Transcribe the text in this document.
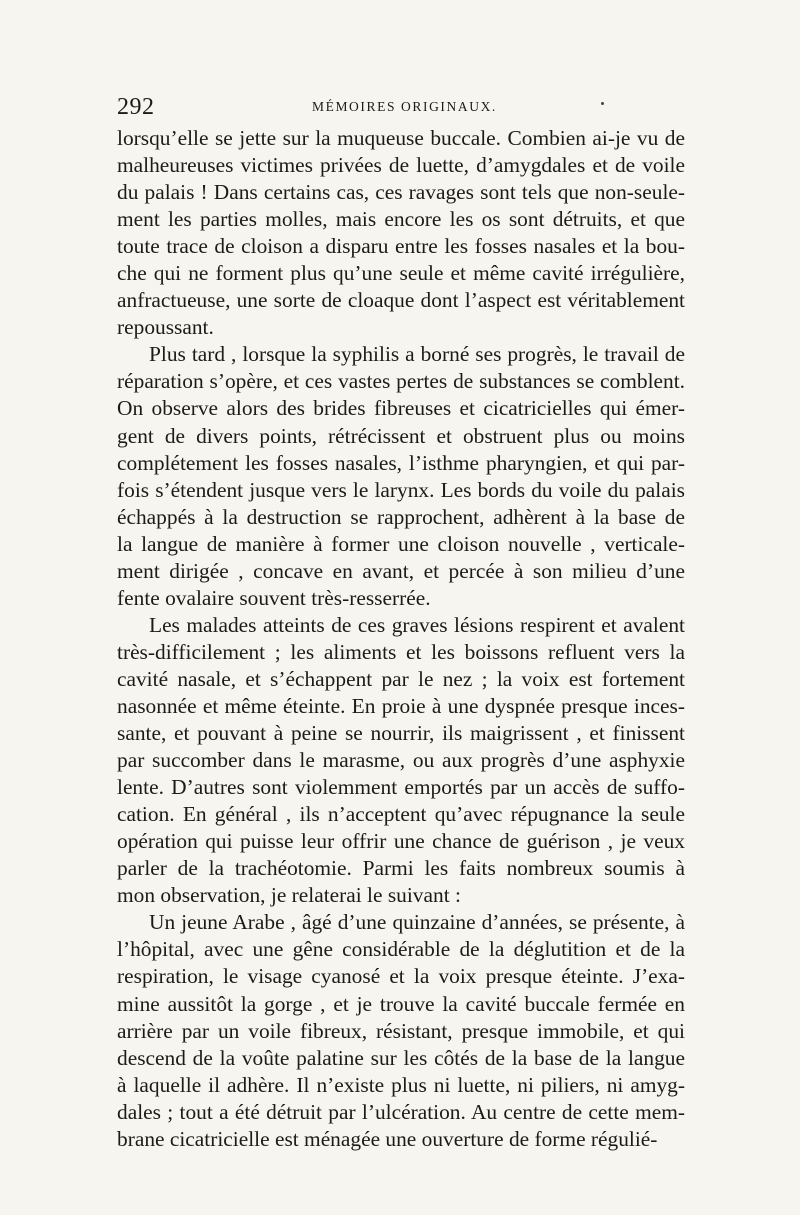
292	MÉMOIRES ORIGINAUX.

lorsqu’elle se jette sur la muqueuse buccale. Combien ai-je vu de
malheureuses victimes privées de luette, d’amygdales et de voile
du palais ! Dans certains cas, ces ravages sont tels que non-seule-
ment les parties molles, mais encore les os sont détruits, et que
toute trace de cloison a disparu entre les fosses nasales et la bou-
che qui ne forment plus qu’une seule et même cavité irrégulière,
anfractueuse, une sorte de cloaque dont l’aspect est véritablement
repoussant.

Plus tard , lorsque la syphilis a borné ses progrès, le travail de
réparation s’opère, et ces vastes pertes de substances se comblent.
On observe alors des brides fibreuses et cicatricielles qui émer-
gent de divers points, rétrécissent et obstruent plus ou moins
complétement les fosses nasales, l’isthme pharyngien, et qui par-
fois s’étendent jusque vers le larynx. Les bords du voile du palais
échappés à la destruction se rapprochent, adhèrent à la base de
la langue de manière à former une cloison nouvelle , verticale-
ment dirigée , concave en avant, et percée à son milieu d’une
fente ovalaire souvent très-resserrée.

Les malades atteints de ces graves lésions respirent et avalent
très-difficilement ; les aliments et les boissons refluent vers la
cavité nasale, et s’échappent par le nez ; la voix est fortement
nasonnée et même éteinte. En proie à une dyspnée presque inces-
sante, et pouvant à peine se nourrir, ils maigrissent , et finissent
par succomber dans le marasme, ou aux progrès d’une asphyxie
lente. D’autres sont violemment emportés par un accès de suffo-
cation. En général , ils n’acceptent qu’avec répugnance la seule
opération qui puisse leur offrir une chance de guérison , je veux
parler de la trachéotomie. Parmi les faits nombreux soumis à
mon observation, je relaterai le suivant :

Un jeune Arabe , âgé d’une quinzaine d’années, se présente, à
l’hôpital, avec une gêne considérable de la déglutition et de la
respiration, le visage cyanosé et la voix presque éteinte. J’exa-
mine aussitôt la gorge , et je trouve la cavité buccale fermée en
arrière par un voile fibreux, résistant, presque immobile, et qui
descend de la voûte palatine sur les côtés de la base de la langue
à laquelle il adhère. Il n’existe plus ni luette, ni piliers, ni amyg-
dales ; tout a été détruit par l’ulcération. Au centre de cette mem-
brane cicatricielle est ménagée une ouverture de forme régulié-
